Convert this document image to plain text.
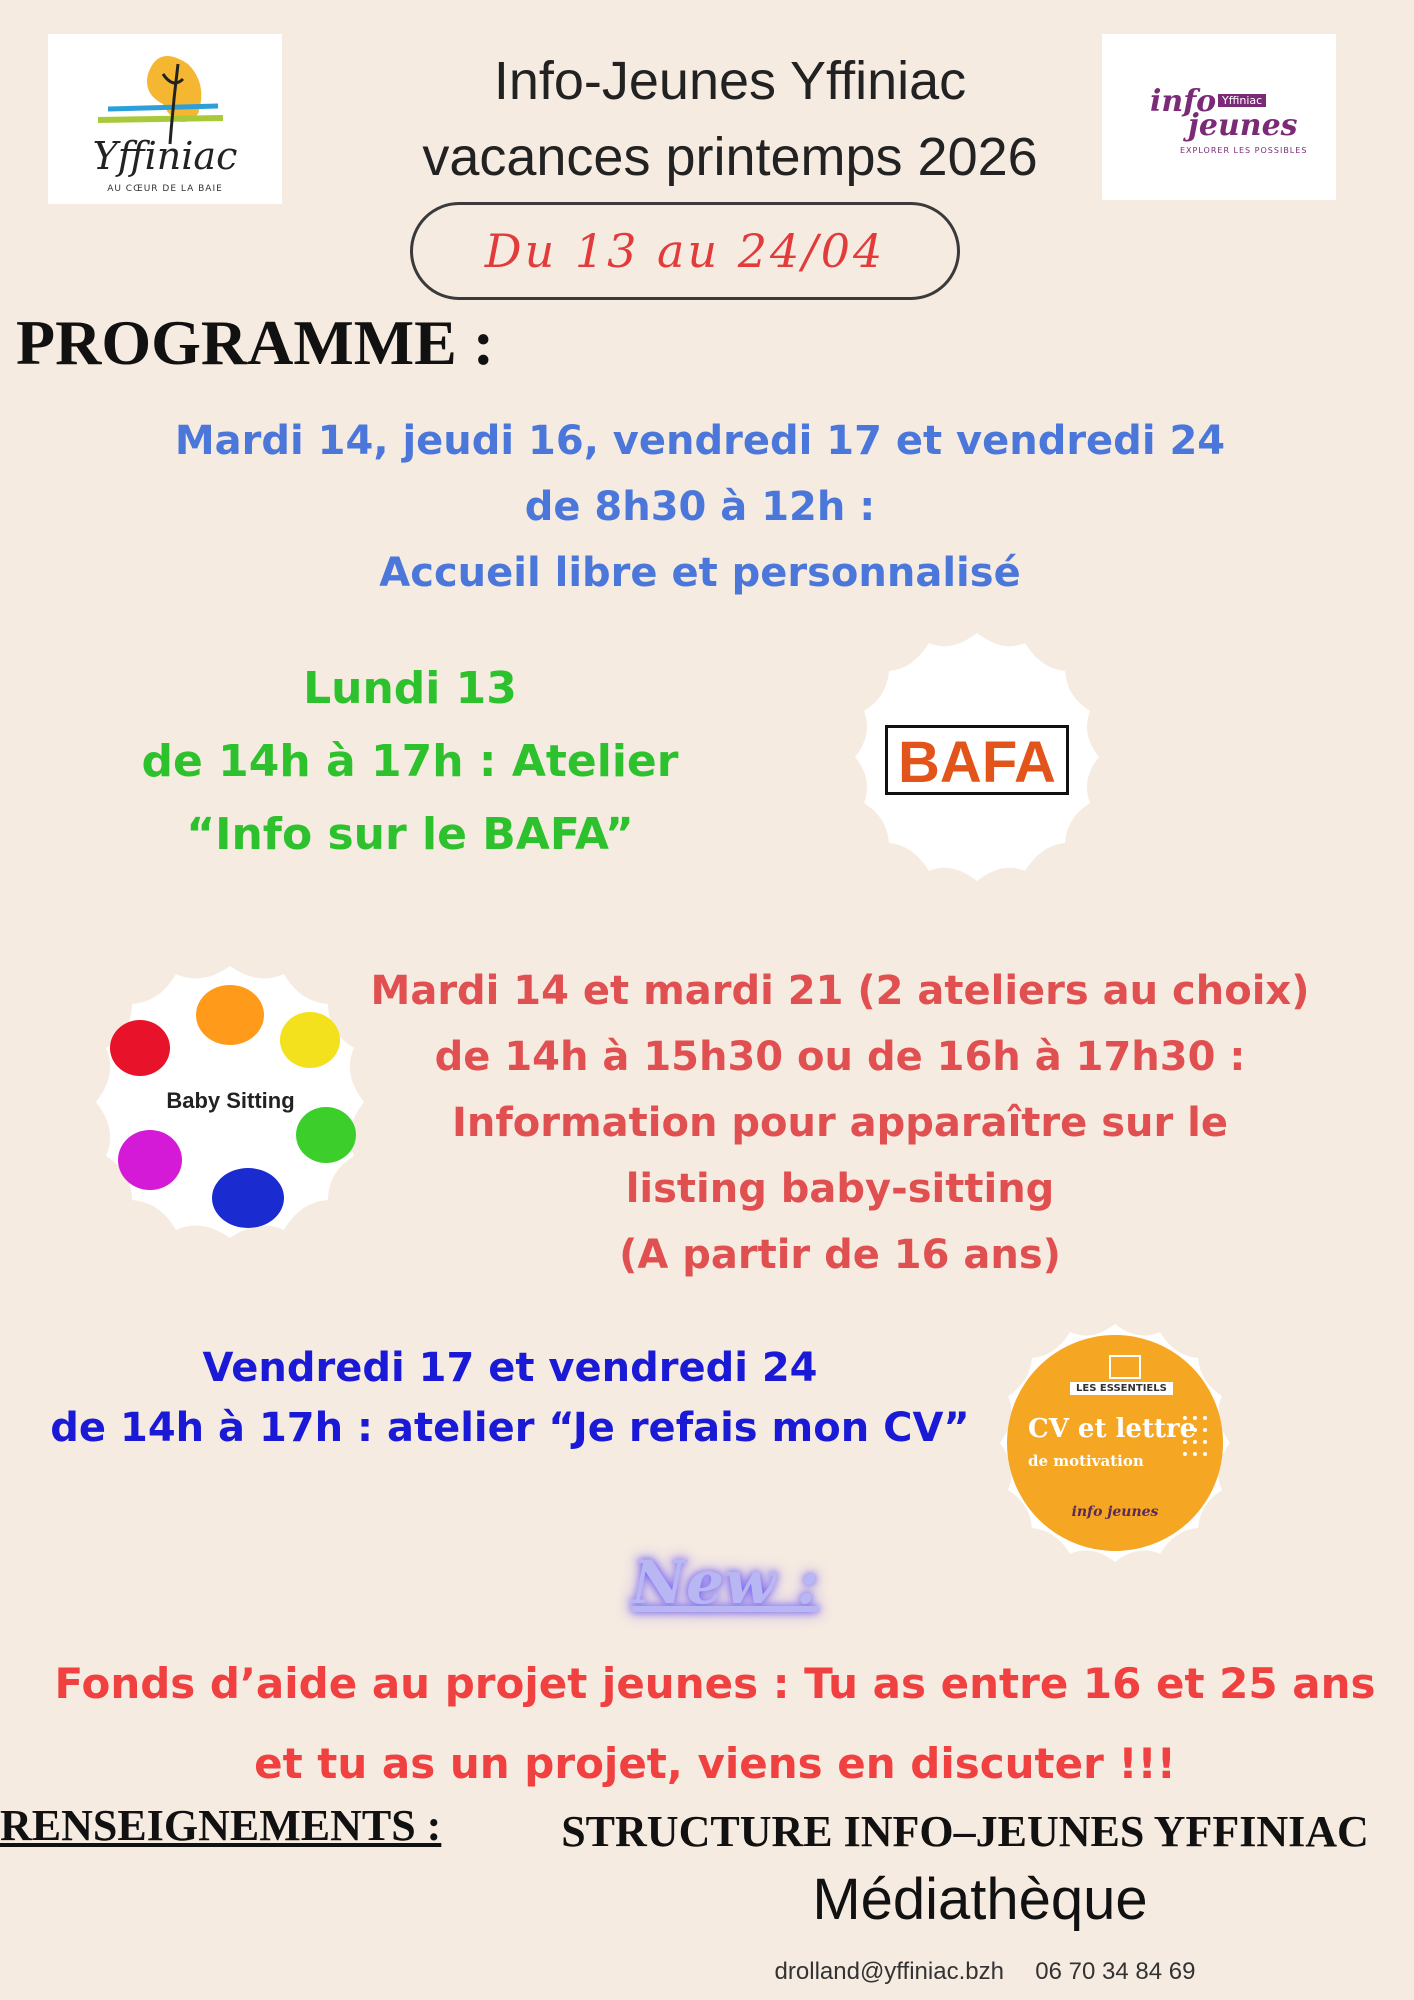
Yffiniac
AU CŒUR DE LA BAIE
Info-Jeunes Yffiniac
vacances printemps 2026
info Yffiniac
jeunes
EXPLORER LES POSSIBLES
Du 13 au 24/04
PROGRAMME :
Mardi 14, jeudi 16, vendredi 17 et vendredi 24
de 8h30 à 12h :
Accueil libre et personnalisé
Lundi 13
de 14h à 17h : Atelier
“Info sur le BAFA”
BAFA
Baby Sitting
Mardi 14 et mardi 21 (2 ateliers au choix)
de 14h à 15h30 ou de 16h à 17h30 :
Information pour apparaître sur le
listing baby-sitting
(A partir de 16 ans)
Vendredi 17 et vendredi 24
de 14h à 17h : atelier “Je refais mon CV”
LES ESSENTIELS
CV et lettre
de motivation
info jeunes
New :
Fonds d’aide au projet jeunes : Tu as entre 16 et 25 ans
et tu as un projet, viens en discuter !!!
RENSEIGNEMENTS :	STRUCTURE INFO–JEUNES YFFINIAC
Médiathèque
drolland@yffiniac.bzh 06 70 34 84 69
